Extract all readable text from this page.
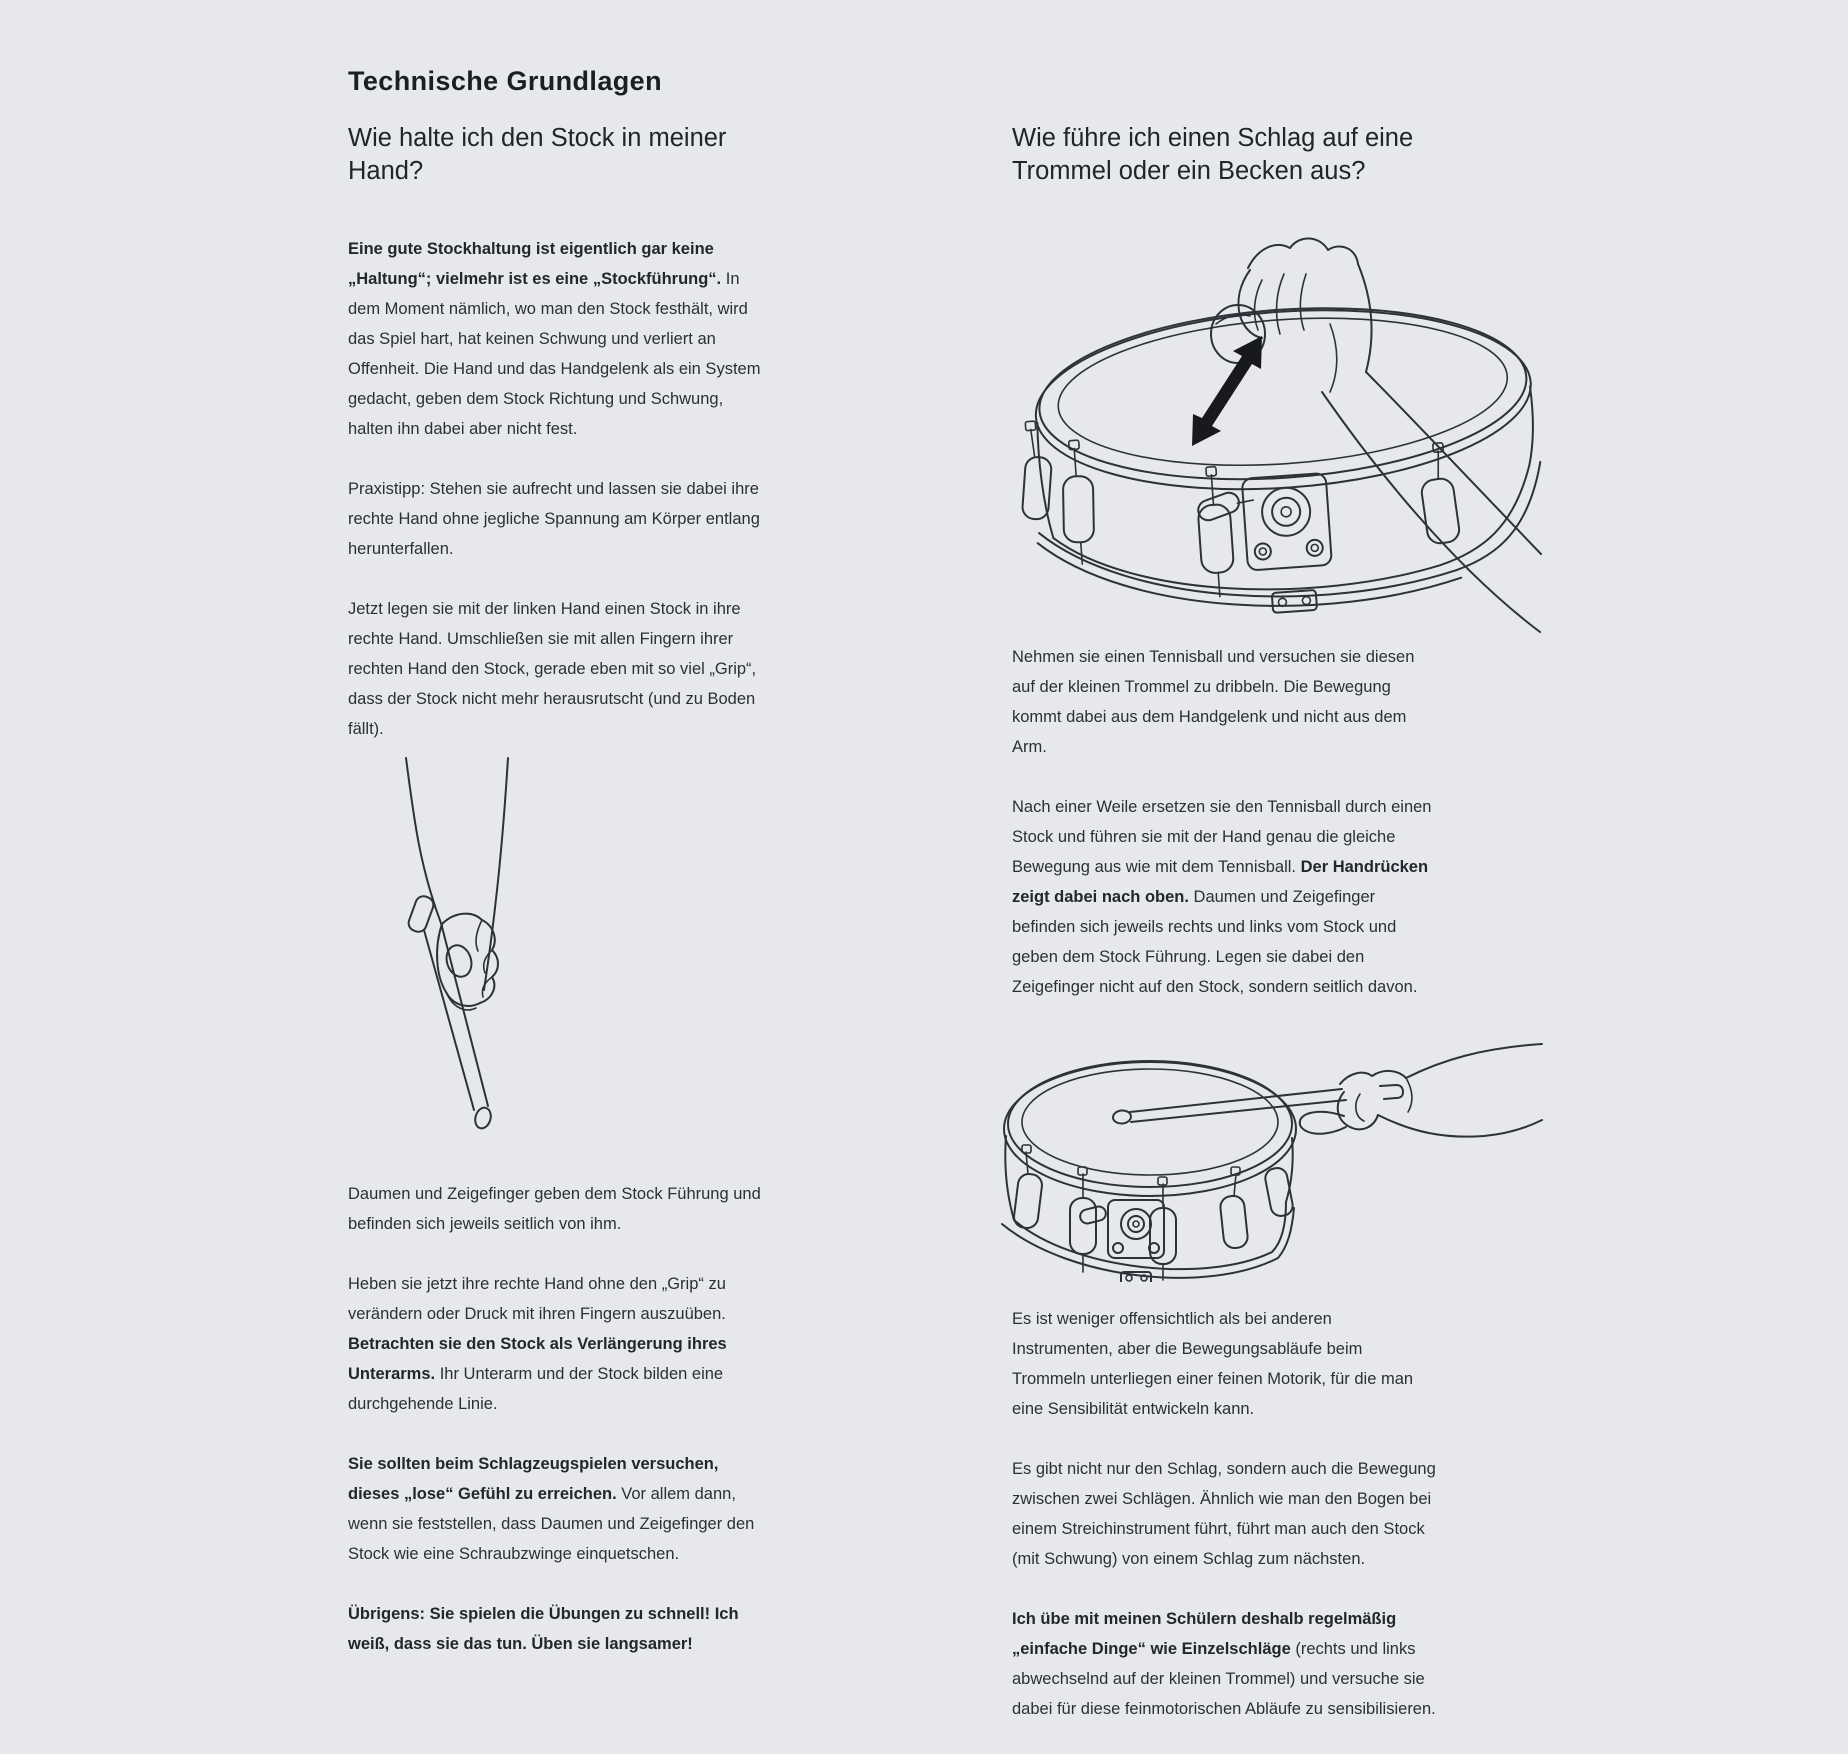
Technische Grundlagen
Wie halte ich den Stock in meiner Hand?
Eine gute Stockhaltung ist eigentlich gar keine „Haltung“; vielmehr ist es eine „Stockführung“. In dem Moment nämlich, wo man den Stock festhält, wird das Spiel hart, hat keinen Schwung und verliert an Offenheit. Die Hand und das Handgelenk als ein System gedacht, geben dem Stock Richtung und Schwung, halten ihn dabei aber nicht fest.
Praxistipp: Stehen sie aufrecht und lassen sie dabei ihre rechte Hand ohne jegliche Spannung am Körper entlang herunterfallen.
Jetzt legen sie mit der linken Hand einen Stock in ihre rechte Hand. Umschließen sie mit allen Fingern ihrer rechten Hand den Stock, gerade eben mit so viel „Grip“, dass der Stock nicht mehr herausrutscht (und zu Boden fällt).
Daumen und Zeigefinger geben dem Stock Führung und befinden sich jeweils seitlich von ihm.
Heben sie jetzt ihre rechte Hand ohne den „Grip“ zu verändern oder Druck mit ihren Fingern auszuüben. Betrachten sie den Stock als Verlängerung ihres Unterarms. Ihr Unterarm und der Stock bilden eine durchgehende Linie.
Sie sollten beim Schlagzeugspielen versuchen, dieses „lose“ Gefühl zu erreichen. Vor allem dann, wenn sie feststellen, dass Daumen und Zeigefinger den Stock wie eine Schraubzwinge einquetschen.
Übrigens: Sie spielen die Übungen zu schnell! Ich weiß, dass sie das tun. Üben sie langsamer!
Wie führe ich einen Schlag auf eine Trommel oder ein Becken aus?
Nehmen sie einen Tennisball und versuchen sie diesen auf der kleinen Trommel zu dribbeln. Die Bewegung kommt dabei aus dem Handgelenk und nicht aus dem Arm.
Nach einer Weile ersetzen sie den Tennisball durch einen Stock und führen sie mit der Hand genau die gleiche Bewegung aus wie mit dem Tennisball. Der Handrücken zeigt dabei nach oben. Daumen und Zeigefinger befinden sich jeweils rechts und links vom Stock und geben dem Stock Führung. Legen sie dabei den Zeigefinger nicht auf den Stock, sondern seitlich davon.
Es ist weniger offensichtlich als bei anderen Instrumenten, aber die Bewegungsabläufe beim Trommeln unterliegen einer feinen Motorik, für die man eine Sensibilität entwickeln kann.
Es gibt nicht nur den Schlag, sondern auch die Bewegung zwischen zwei Schlägen. Ähnlich wie man den Bogen bei einem Streichinstrument führt, führt man auch den Stock (mit Schwung) von einem Schlag zum nächsten.
Ich übe mit meinen Schülern deshalb regelmäßig „einfache Dinge“ wie Einzelschläge (rechts und links abwechselnd auf der kleinen Trommel) und versuche sie dabei für diese feinmotorischen Abläufe zu sensibilisieren.
